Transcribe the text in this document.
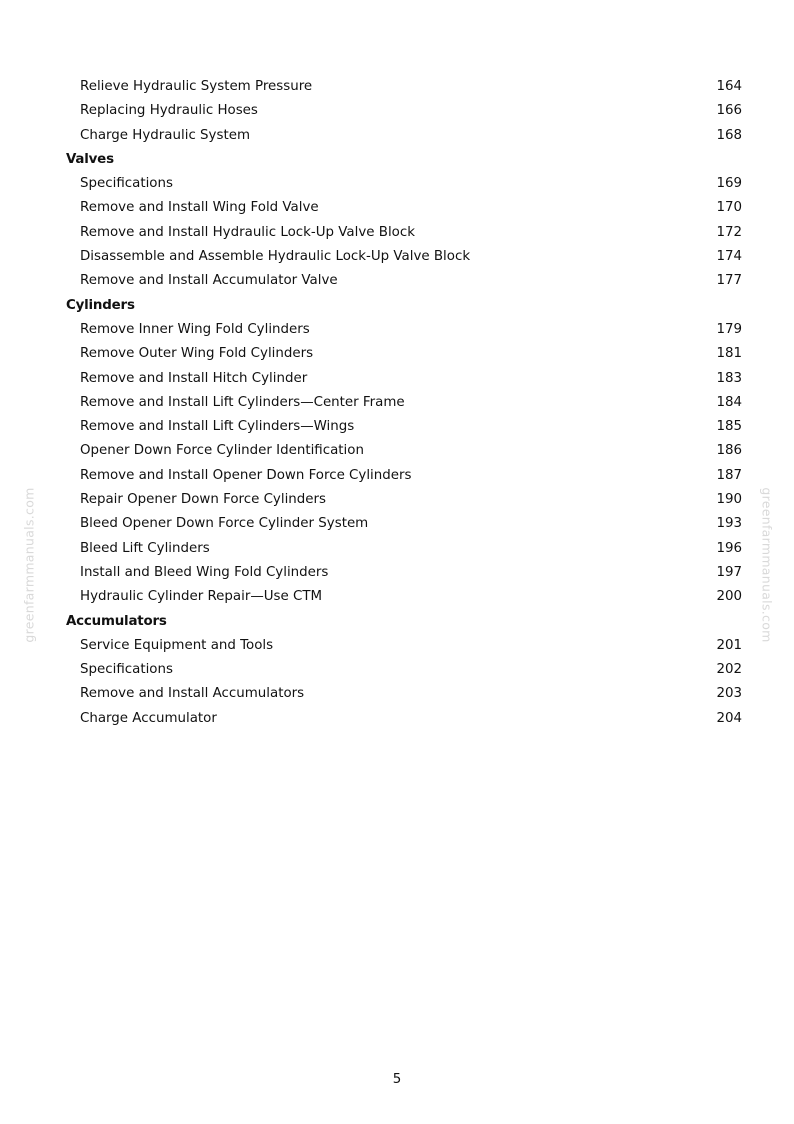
Relieve Hydraulic System Pressure	164
Replacing Hydraulic Hoses	166
Charge Hydraulic System	168
Valves
Specifications	169
Remove and Install Wing Fold Valve	170
Remove and Install Hydraulic Lock-Up Valve Block	172
Disassemble and Assemble Hydraulic Lock-Up Valve Block	174
Remove and Install Accumulator Valve	177
Cylinders
Remove Inner Wing Fold Cylinders	179
Remove Outer Wing Fold Cylinders	181
Remove and Install Hitch Cylinder	183
Remove and Install Lift Cylinders—Center Frame	184
Remove and Install Lift Cylinders—Wings	185
Opener Down Force Cylinder Identification	186
Remove and Install Opener Down Force Cylinders	187
Repair Opener Down Force Cylinders	190
Bleed Opener Down Force Cylinder System	193
Bleed Lift Cylinders	196
Install and Bleed Wing Fold Cylinders	197
Hydraulic Cylinder Repair—Use CTM	200
Accumulators
Service Equipment and Tools	201
Specifications	202
Remove and Install Accumulators	203
Charge Accumulator	204
greenfarmmanuals.com	greenfarmmanuals.com
5
